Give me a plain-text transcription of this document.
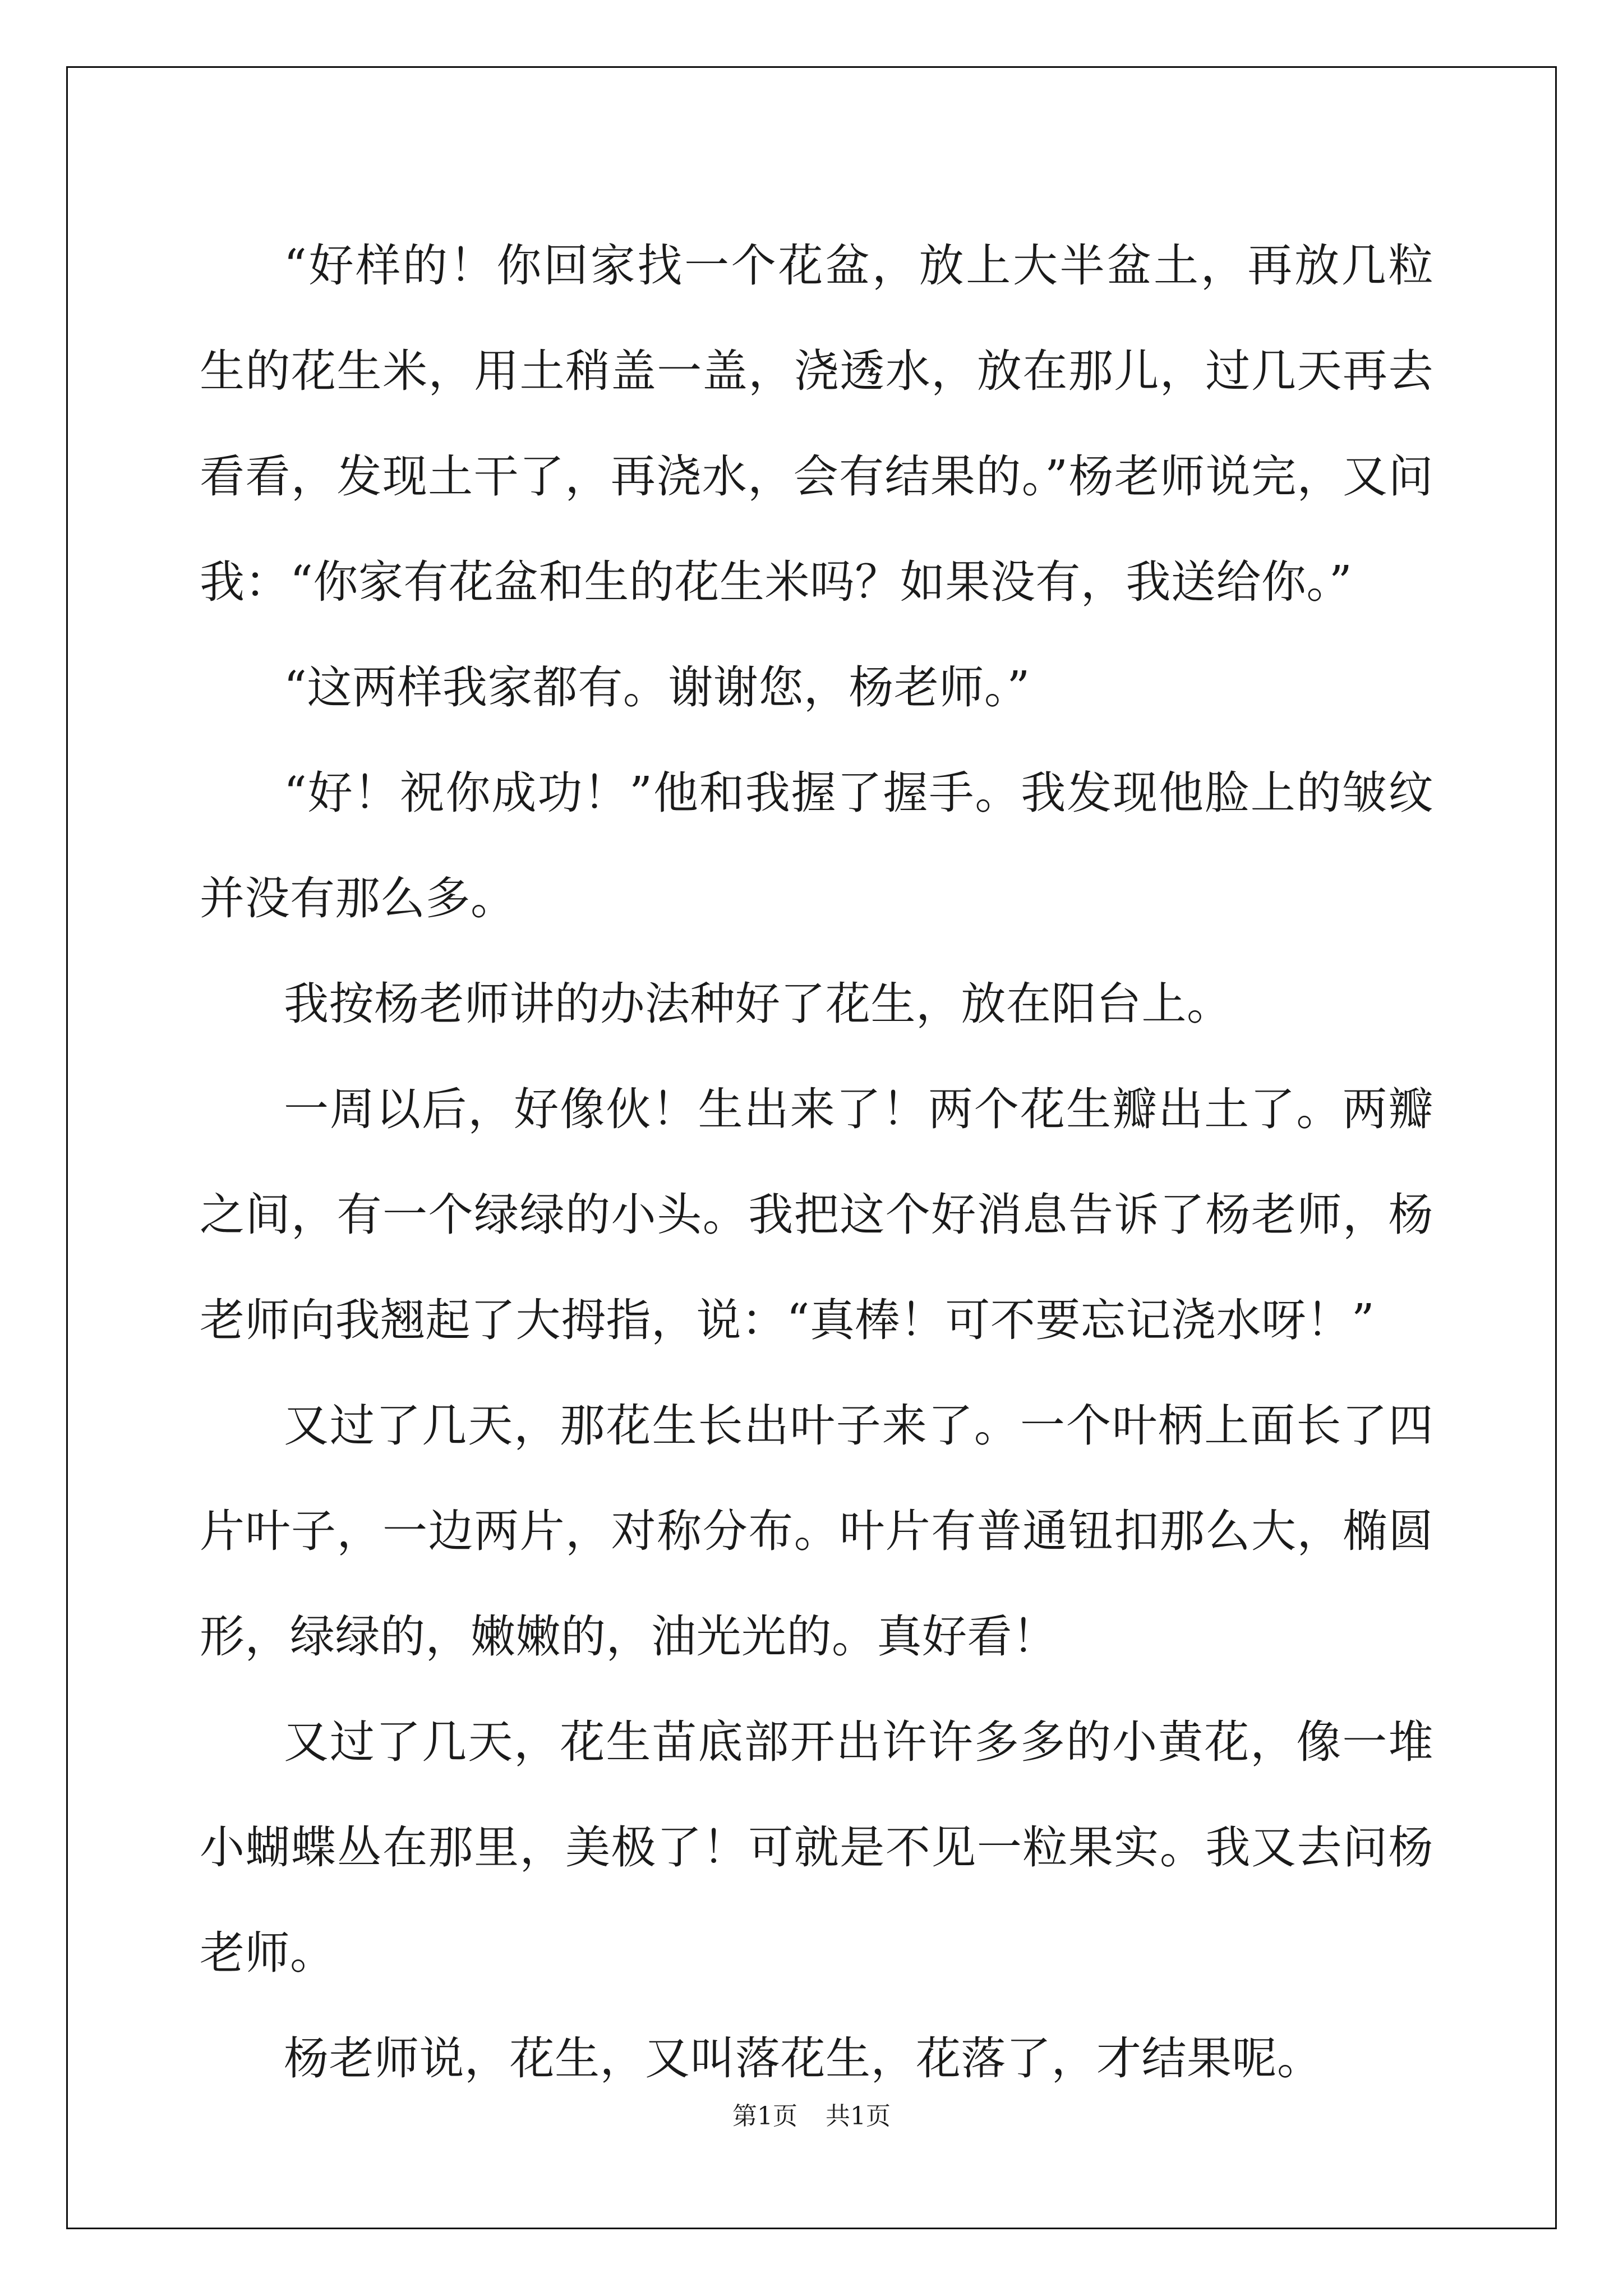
“好样的！你回家找一个花盆，放上大半盆土，再放几粒生的花生米，用土稍盖一盖，浇透水，放在那儿，过几天再去看看，发现土干了，再浇水，会有结果的。”杨老师说完，又问我：“你家有花盆和生的花生米吗？如果没有，我送给你。”

“这两样我家都有。谢谢您，杨老师。”

“好！祝你成功！”他和我握了握手。我发现他脸上的皱纹并没有那么多。

我按杨老师讲的办法种好了花生，放在阳台上。

一周以后，好像伙！生出来了！两个花生瓣出土了。两瓣之间，有一个绿绿的小头。我把这个好消息告诉了杨老师，杨老师向我翘起了大拇指，说：“真棒！可不要忘记浇水呀！”

又过了几天，那花生长出叶子来了。一个叶柄上面长了四片叶子，一边两片，对称分布。叶片有普通钮扣那么大，椭圆形，绿绿的，嫩嫩的，油光光的。真好看！

又过了几天，花生苗底部开出许许多多的小黄花，像一堆小蝴蝶丛在那里，美极了！可就是不见一粒果实。我又去问杨老师。

杨老师说，花生，又叫落花生，花落了，才结果呢。

第1页 共1页
